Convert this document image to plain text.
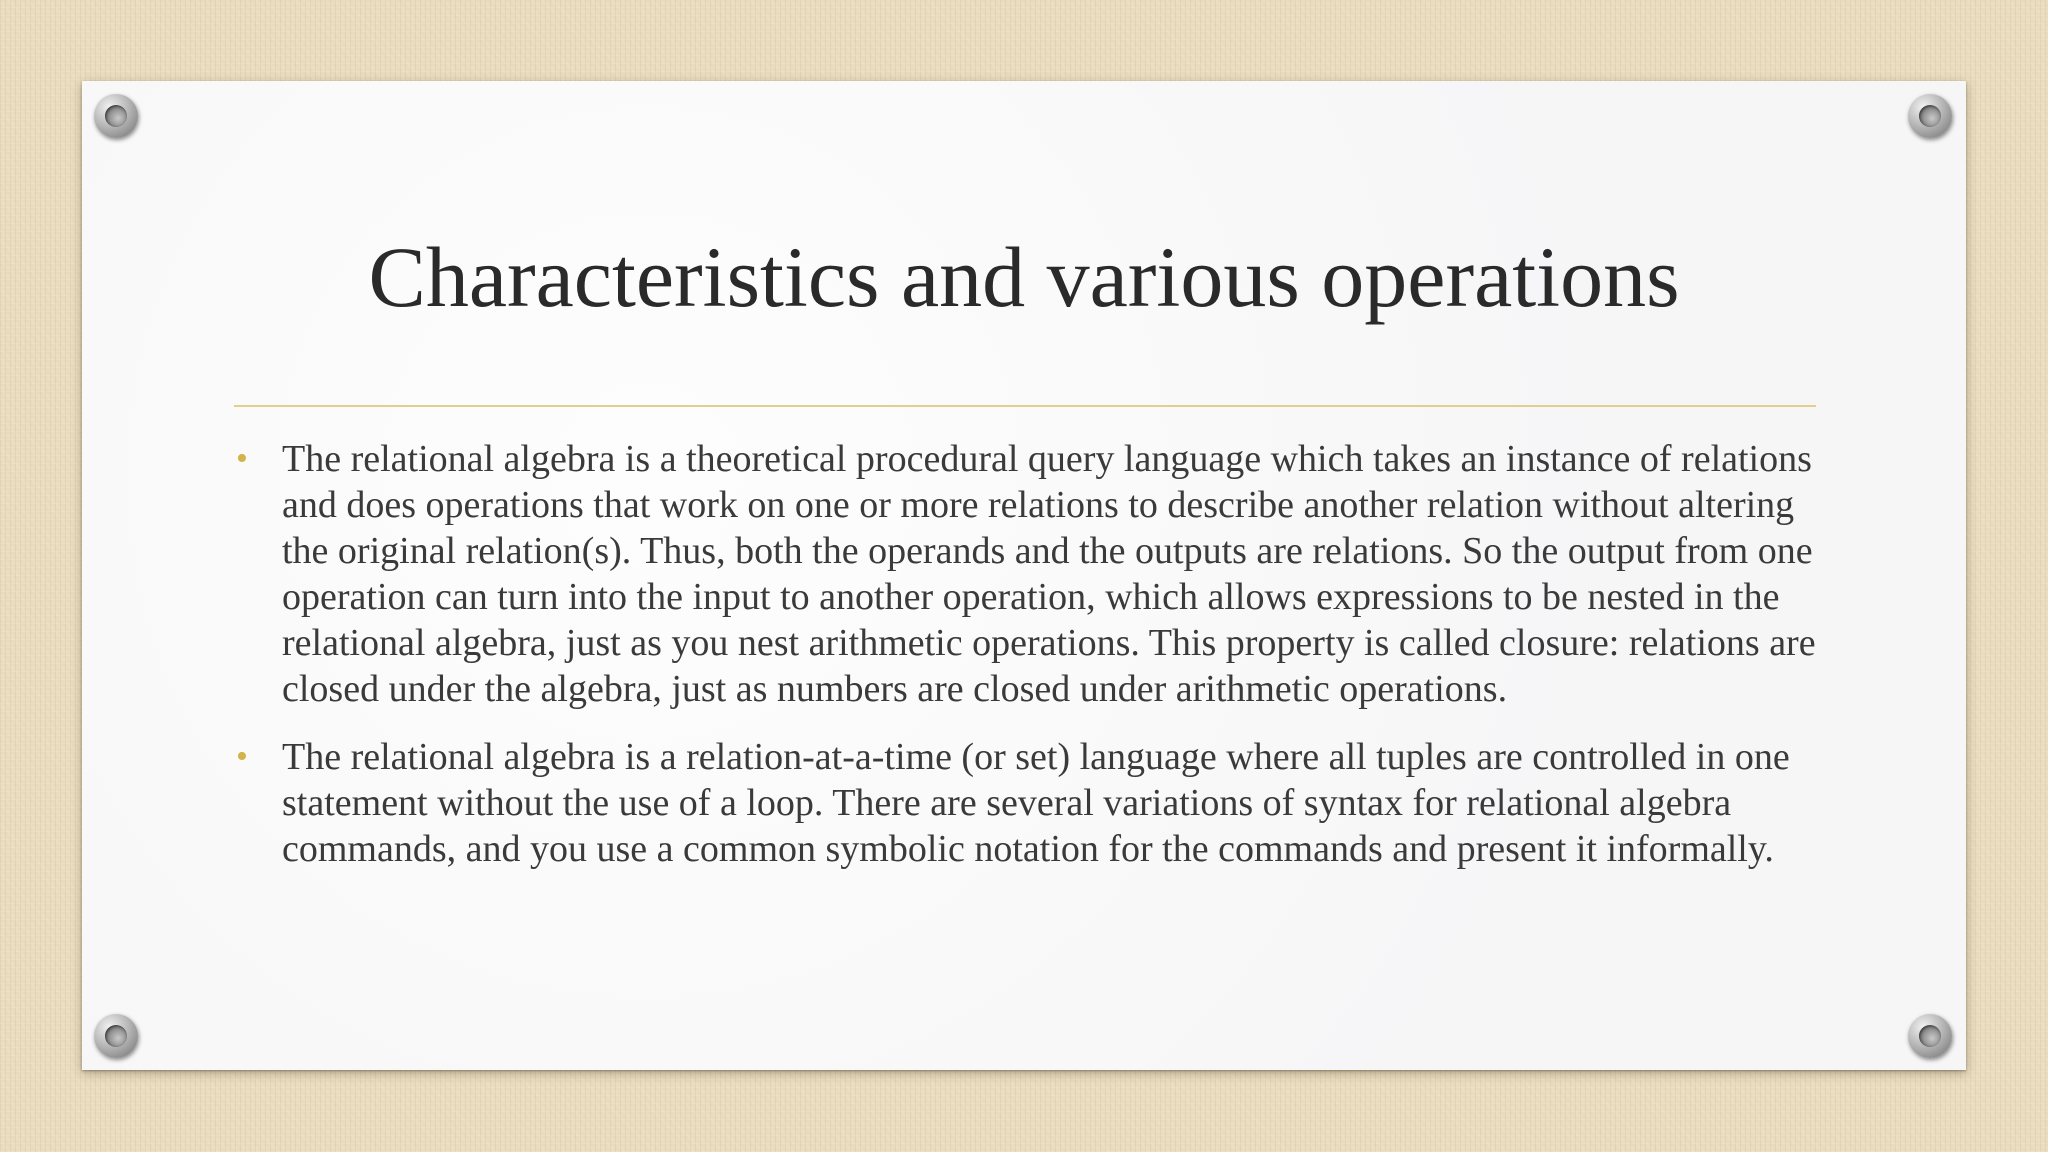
Characteristics and various operations
• The relational algebra is a theoretical procedural query language which takes an instance of relations and does operations that work on one or more relations to describe another relation without altering the original relation(s). Thus, both the operands and the outputs are relations. So the output from one operation can turn into the input to another operation, which allows expressions to be nested in the relational algebra, just as you nest arithmetic operations. This property is called closure: relations are closed under the algebra, just as numbers are closed under arithmetic operations.
• The relational algebra is a relation-at-a-time (or set) language where all tuples are controlled in one statement without the use of a loop. There are several variations of syntax for relational algebra commands, and you use a common symbolic notation for the commands and present it informally.
